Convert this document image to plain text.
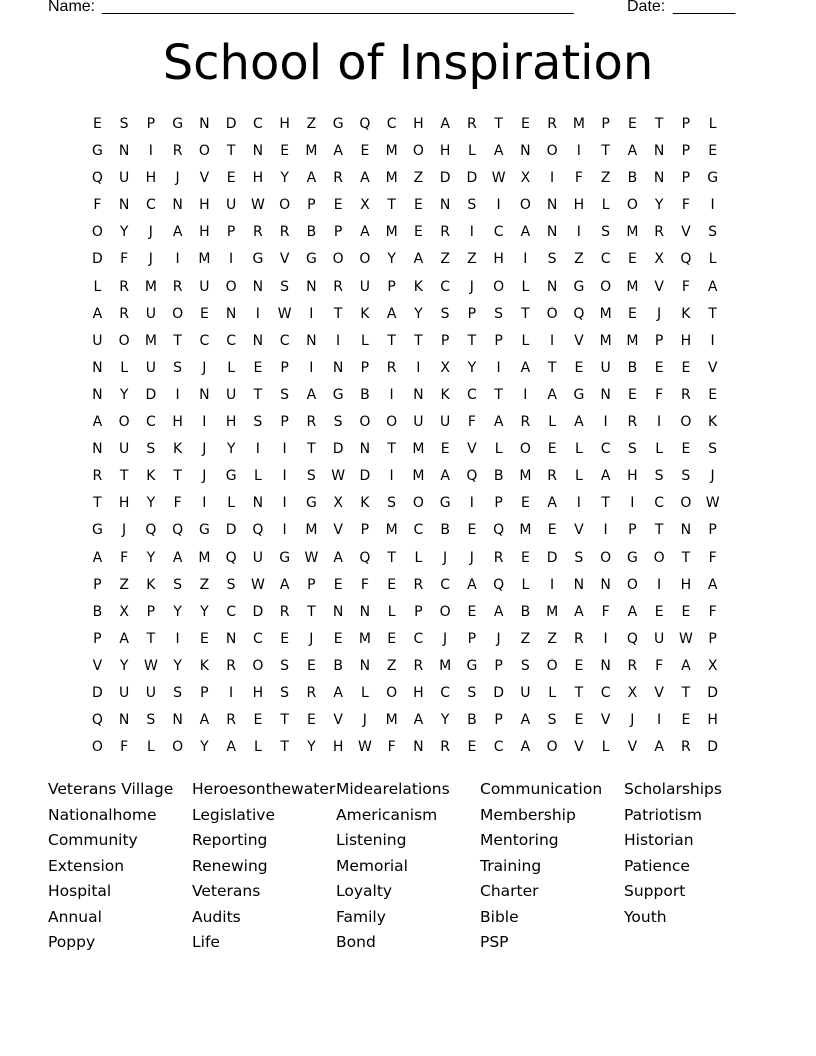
Name: _____________________________________________________	Date: _______
School of Inspiration
E	S	P	G	N	D	C	H	Z	G	Q	C	H	A	R	T	E	R	M	P	E	T	P	L
G	N	I	R	O	T	N	E	M	A	E	M	O	H	L	A	N	O	I	T	A	N	P	E
Q	U	H	J	V	E	H	Y	A	R	A	M	Z	D	D	W	X	I	F	Z	B	N	P	G
F	N	C	N	H	U	W	O	P	E	X	T	E	N	S	I	O	N	H	L	O	Y	F	I
O	Y	J	A	H	P	R	R	B	P	A	M	E	R	I	C	A	N	I	S	M	R	V	S
D	F	J	I	M	I	G	V	G	O	O	Y	A	Z	Z	H	I	S	Z	C	E	X	Q	L
L	R	M	R	U	O	N	S	N	R	U	P	K	C	J	O	L	N	G	O	M	V	F	A
A	R	U	O	E	N	I	W	I	T	K	A	Y	S	P	S	T	O	Q	M	E	J	K	T
U	O	M	T	C	C	N	C	N	I	L	T	T	P	T	P	L	I	V	M	M	P	H	I
N	L	U	S	J	L	E	P	I	N	P	R	I	X	Y	I	A	T	E	U	B	E	E	V
N	Y	D	I	N	U	T	S	A	G	B	I	N	K	C	T	I	A	G	N	E	F	R	E
A	O	C	H	I	H	S	P	R	S	O	O	U	U	F	A	R	L	A	I	R	I	O	K
N	U	S	K	J	Y	I	I	T	D	N	T	M	E	V	L	O	E	L	C	S	L	E	S
R	T	K	T	J	G	L	I	S	W	D	I	M	A	Q	B	M	R	L	A	H	S	S	J
T	H	Y	F	I	L	N	I	G	X	K	S	O	G	I	P	E	A	I	T	I	C	O	W
G	J	Q	Q	G	D	Q	I	M	V	P	M	C	B	E	Q	M	E	V	I	P	T	N	P
A	F	Y	A	M	Q	U	G	W	A	Q	T	L	J	J	R	E	D	S	O	G	O	T	F
P	Z	K	S	Z	S	W	A	P	E	F	E	R	C	A	Q	L	I	N	N	O	I	H	A
B	X	P	Y	Y	C	D	R	T	N	N	L	P	O	E	A	B	M	A	F	A	E	E	F
P	A	T	I	E	N	C	E	J	E	M	E	C	J	P	J	Z	Z	R	I	Q	U	W	P
V	Y	W	Y	K	R	O	S	E	B	N	Z	R	M	G	P	S	O	E	N	R	F	A	X
D	U	U	S	P	I	H	S	R	A	L	O	H	C	S	D	U	L	T	C	X	V	T	D
Q	N	S	N	A	R	E	T	E	V	J	M	A	Y	B	P	A	S	E	V	J	I	E	H
O	F	L	O	Y	A	L	T	Y	H	W	F	N	R	E	C	A	O	V	L	V	A	R	D
Veterans Village
Nationalhome
Community
Extension
Hospital
Annual
Poppy
Heroesonthewater
Legislative
Reporting
Renewing
Veterans
Audits
Life
Midearelations
Americanism
Listening
Memorial
Loyalty
Family
Bond
Communication
Membership
Mentoring
Training
Charter
Bible
PSP
Scholarships
Patriotism
Historian
Patience
Support
Youth
